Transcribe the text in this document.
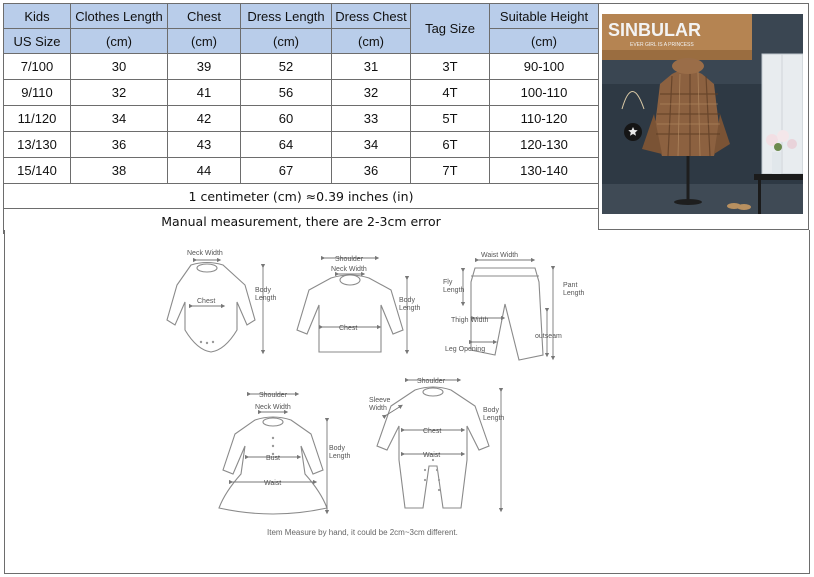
Kids	Clothes Length	Chest	Dress Length	Dress Chest	Tag Size	Suitable Height
US Size	(cm)	(cm)	(cm)	(cm)		(cm)
7/100	30	39	52	31	3T	90-100
9/110	32	41	56	32	4T	100-110
11/120	34	42	60	33	5T	110-120
13/130	36	43	64	34	6T	120-130
15/140	38	44	67	36	7T	130-140
1 centimeter (cm) ≈0.39 inches (in)						
Manual measurement, there are 2-3cm error						
SINBULAR
EVER GIRL IS A PRINCESS
Neck Width
Chest
Body Length
Shoulder
Neck Width
Chest
Body Length
Waist Width
Fly Length
Pant Length
Thigh Width
Leg Opening
outseam
Shoulder
Neck Width
Bust
Waist
Body Length
Shoulder
Sleeve Width
Chest
Waist
Body Length
Item Measure by hand, it could be 2cm~3cm different.
